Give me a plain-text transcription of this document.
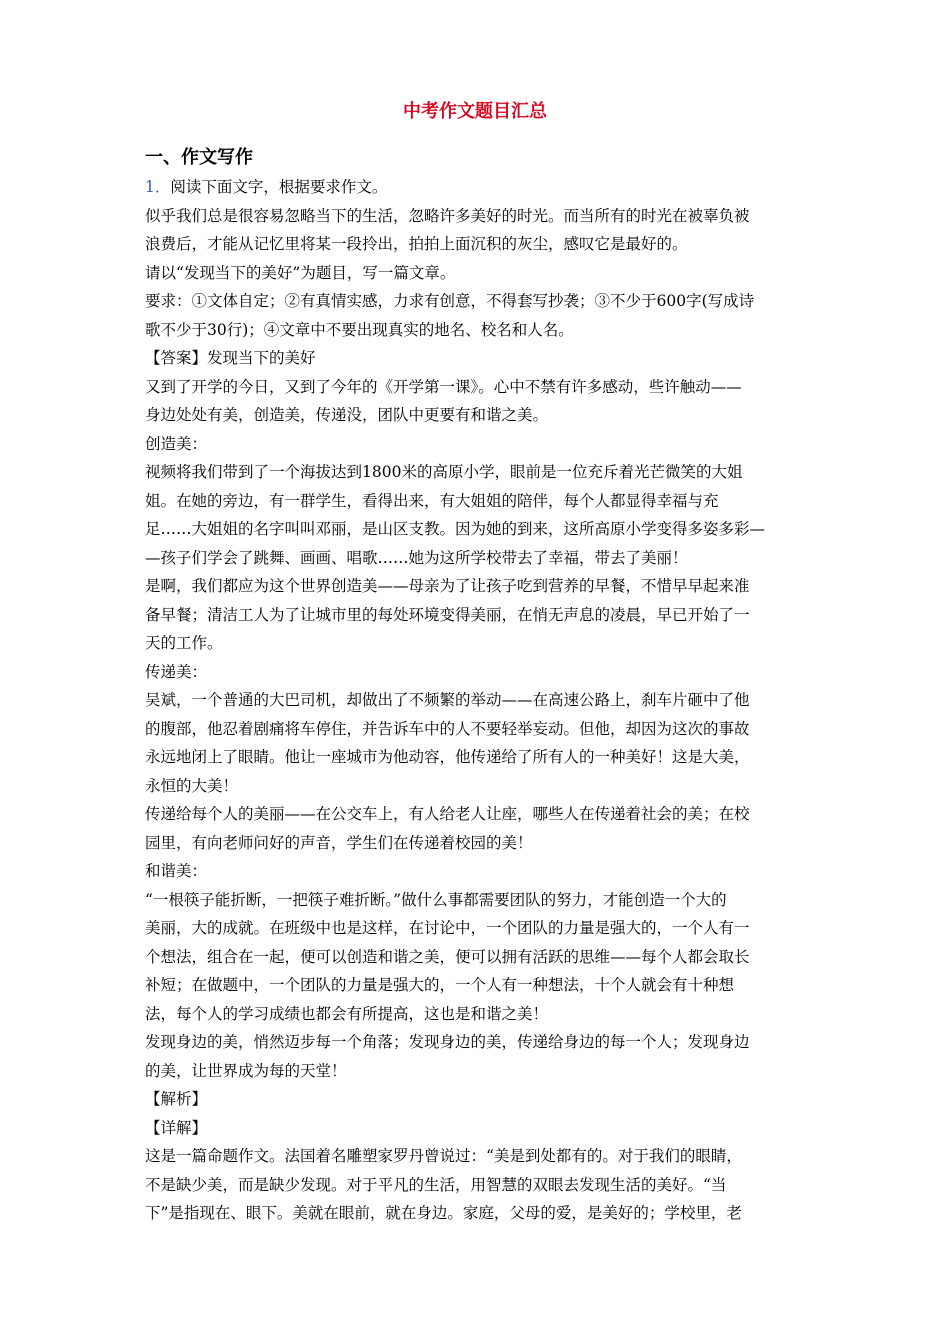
中考作文题目汇总
一、作文写作

1．阅读下面文字，根据要求作文。

似乎我们总是很容易忽略当下的生活，忽略许多美好的时光。而当所有的时光在被辜负被

浪费后，才能从记忆里将某一段拎出，拍拍上面沉积的灰尘，感叹它是最好的。

请以“发现当下的美好”为题目，写一篇文章。

要求：①文体自定；②有真情实感，力求有创意，不得套写抄袭；③不少于600字(写成诗

歌不少于30行)；④文章中不要出现真实的地名、校名和人名。

【答案】发现当下的美好

又到了开学的今日，又到了今年的《开学第一课》。心中不禁有许多感动，些许触动——

身边处处有美，创造美，传递没，团队中更要有和谐之美。

创造美：

视频将我们带到了一个海拔达到1800米的高原小学，眼前是一位充斥着光芒微笑的大姐

姐。在她的旁边，有一群学生，看得出来，有大姐姐的陪伴，每个人都显得幸福与充

足……大姐姐的名字叫叫邓丽，是山区支教。因为她的到来，这所高原小学变得多姿多彩—

—孩子们学会了跳舞、画画、唱歌……她为这所学校带去了幸福，带去了美丽！

是啊，我们都应为这个世界创造美——母亲为了让孩子吃到营养的早餐，不惜早早起来准

备早餐；清洁工人为了让城市里的每处环境变得美丽，在悄无声息的凌晨，早已开始了一

天的工作。

传递美：

吴斌，一个普通的大巴司机，却做出了不频繁的举动——在高速公路上，刹车片砸中了他

的腹部，他忍着剧痛将车停住，并告诉车中的人不要轻举妄动。但他，却因为这次的事故

永远地闭上了眼睛。他让一座城市为他动容，他传递给了所有人的一种美好！这是大美，

永恒的大美！

传递给每个人的美丽——在公交车上，有人给老人让座，哪些人在传递着社会的美；在校

园里，有向老师问好的声音，学生们在传递着校园的美！

和谐美：

“一根筷子能折断，一把筷子难折断。”做什么事都需要团队的努力，才能创造一个大的

美丽，大的成就。在班级中也是这样，在讨论中，一个团队的力量是强大的，一个人有一

个想法，组合在一起，便可以创造和谐之美，便可以拥有活跃的思维——每个人都会取长

补短；在做题中，一个团队的力量是强大的，一个人有一种想法，十个人就会有十种想

法，每个人的学习成绩也都会有所提高，这也是和谐之美！

发现身边的美，悄然迈步每一个角落；发现身边的美，传递给身边的每一个人；发现身边

的美，让世界成为每的天堂！

【解析】

【详解】

这是一篇命题作文。法国着名雕塑家罗丹曾说过：“美是到处都有的。对于我们的眼睛，

不是缺少美，而是缺少发现。对于平凡的生活，用智慧的双眼去发现生活的美好。“当

下”是指现在、眼下。美就在眼前，就在身边。家庭，父母的爱，是美好的；学校里，老
